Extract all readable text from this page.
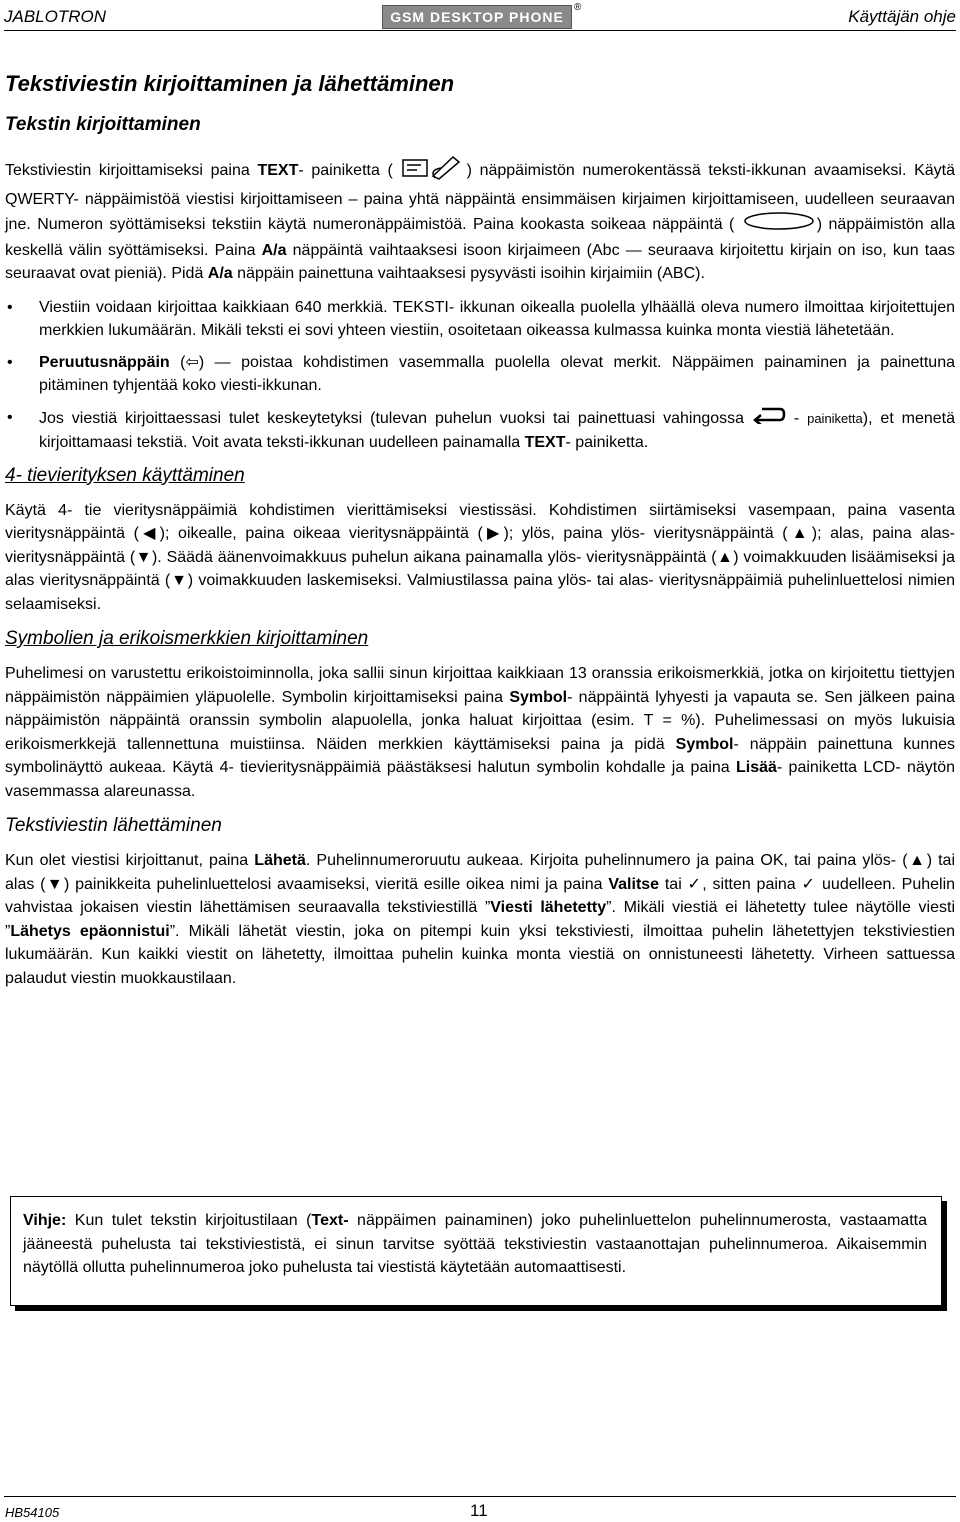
JABLOTRON	GSM DESKTOP PHONE
®	Käyttäjän ohje
Tekstiviestin kirjoittaminen ja lähettäminen
Tekstin kirjoittaminen

Tekstiviestin kirjoittamiseksi paina TEXT- painiketta (	) näppäimistön numerokentässä teksti-ikkunan avaamiseksi. Käytä QWERTY- näppäimistöä viestisi kirjoittamiseen – paina yhtä näppäintä ensimmäisen kirjaimen kirjoittamiseen, uudelleen seuraavan jne. Numeron syöttämiseksi tekstiin käytä numeronäppäimistöä. Paina kookasta soikeaa näppäintä (	) näppäimistön alla keskellä välin syöttämiseksi. Paina A/a näppäintä vaihtaaksesi isoon kirjaimeen (Abc — seuraava kirjoitettu kirjain on iso, kun taas seuraavat ovat pieniä). Pidä A/a näppäin painettuna vaihtaaksesi pysyvästi isoihin kirjaimiin (ABC).

• Viestiin voidaan kirjoittaa kaikkiaan 640 merkkiä. TEKSTI- ikkunan oikealla puolella ylhäällä oleva numero ilmoittaa kirjoitettujen merkkien lukumäärän. Mikäli teksti ei sovi yhteen viestiin, osoitetaan oikeassa kulmassa kuinka monta viestiä lähetetään.
• Peruutusnäppäin (⇦) — poistaa kohdistimen vasemmalla puolella olevat merkit. Näppäimen painaminen ja painettuna pitäminen tyhjentää koko viesti-ikkunan.
• Jos viestiä kirjoittaessasi tulet keskeytetyksi (tulevan puhelun vuoksi tai painettuasi vahingossa  - painiketta), et menetä kirjoittamaasi tekstiä. Voit avata teksti-ikkunan uudelleen painamalla TEXT- painiketta.
4- tievierityksen käyttäminen

Käytä 4- tie vieritysnäppäimiä kohdistimen vierittämiseksi viestissäsi. Kohdistimen siirtämiseksi vasempaan, paina vasenta vieritysnäppäintä (◀); oikealle, paina oikeaa vieritysnäppäintä (▶); ylös, paina ylös- vieritysnäppäintä (▲); alas, paina alas- vieritysnäppäintä (▼). Säädä äänenvoimakkuus puhelun aikana painamalla ylös- vieritysnäppäintä (▲) voimakkuuden lisäämiseksi ja alas vieritysnäppäintä (▼) voimakkuuden laskemiseksi. Valmiustilassa paina ylös- tai alas- vieritysnäppäimiä puhelinluettelosi nimien selaamiseksi.

Symbolien ja erikoismerkkien kirjoittaminen

Puhelimesi on varustettu erikoistoiminnolla, joka sallii sinun kirjoittaa kaikkiaan 13 oranssia erikoismerkkiä, jotka on kirjoitettu tiettyjen näppäimistön näppäimien yläpuolelle. Symbolin kirjoittamiseksi paina Symbol- näppäintä lyhyesti ja vapauta se. Sen jälkeen paina näppäimistön näppäintä oranssin symbolin alapuolella, jonka haluat kirjoittaa (esim. T = %). Puhelimessasi on myös lukuisia erikoismerkkejä tallennettuna muistiinsa. Näiden merkkien käyttämiseksi paina ja pidä Symbol- näppäin painettuna kunnes symbolinäyttö aukeaa. Käytä 4- tievieritysnäppäimiä päästäksesi halutun symbolin kohdalle ja paina Lisää- painiketta LCD- näytön vasemmassa alareunassa.

Tekstiviestin lähettäminen

Kun olet viestisi kirjoittanut, paina Lähetä. Puhelinnumeroruutu aukeaa. Kirjoita puhelinnumero ja paina OK, tai paina ylös- (▲) tai alas (▼) painikkeita puhelinluettelosi avaamiseksi, vieritä esille oikea nimi ja paina Valitse tai ✓, sitten paina ✓ uudelleen. Puhelin vahvistaa jokaisen viestin lähettämisen seuraavalla tekstiviestillä ”Viesti lähetetty”. Mikäli viestiä ei lähetetty tulee näytölle viesti ”Lähetys epäonnistui”. Mikäli lähetät viestin, joka on pitempi kuin yksi tekstiviesti, ilmoittaa puhelin lähetettyjen tekstiviestien lukumäärän. Kun kaikki viestit on lähetetty, ilmoittaa puhelin kuinka monta viestiä on onnistuneesti lähetetty. Virheen sattuessa palaudut viestin muokkaustilaan.

Vihje: Kun tulet tekstin kirjoitustilaan (Text- näppäimen painaminen) joko puhelinluettelon puhelinnumerosta, vastaamatta jääneestä puhelusta tai tekstiviestistä, ei sinun tarvitse syöttää tekstiviestin vastaanottajan puhelinnumeroa. Aikaisemmin näytöllä ollutta puhelinnumeroa joko puhelusta tai viestistä käytetään automaattisesti.
HB54105	11
